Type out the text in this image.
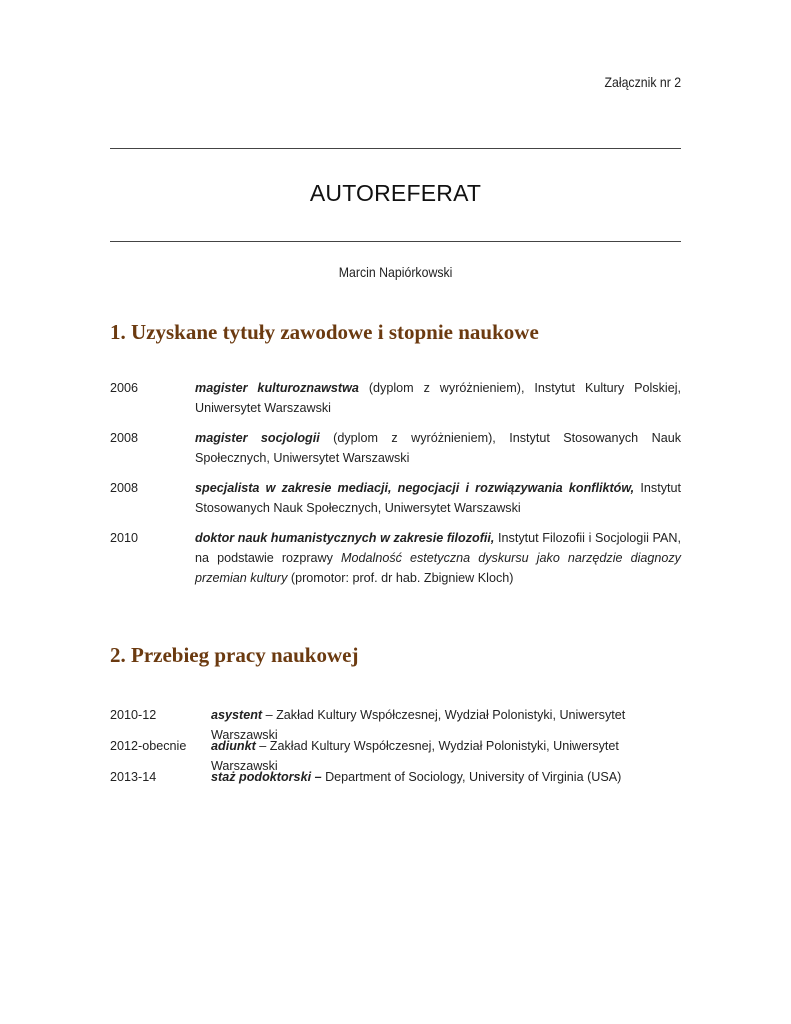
Załącznik nr 2
AUTOREFERAT
Marcin Napiórkowski
1. Uzyskane tytuły zawodowe i stopnie naukowe
2006	magister kulturoznawstwa (dyplom z wyróżnieniem), Instytut Kultury Polskiej, Uniwersytet Warszawski
2008	magister socjologii (dyplom z wyróżnieniem), Instytut Stosowanych Nauk Społecznych, Uniwersytet Warszawski
2008	specjalista w zakresie mediacji, negocjacji i rozwiązywania konfliktów, Instytut Stosowanych Nauk Społecznych, Uniwersytet Warszawski
2010	doktor nauk humanistycznych w zakresie filozofii, Instytut Filozofii i Socjologii PAN, na podstawie rozprawy Modalność estetyczna dyskursu jako narzędzie diagnozy przemian kultury (promotor: prof. dr hab. Zbigniew Kloch)
2. Przebieg pracy naukowej
2010-12	asystent – Zakład Kultury Współczesnej, Wydział Polonistyki, Uniwersytet Warszawski
2012-obecnie adiunkt – Zakład Kultury Współczesnej, Wydział Polonistyki, Uniwersytet Warszawski
2013-14	staż podoktorski – Department of Sociology, University of Virginia (USA)
